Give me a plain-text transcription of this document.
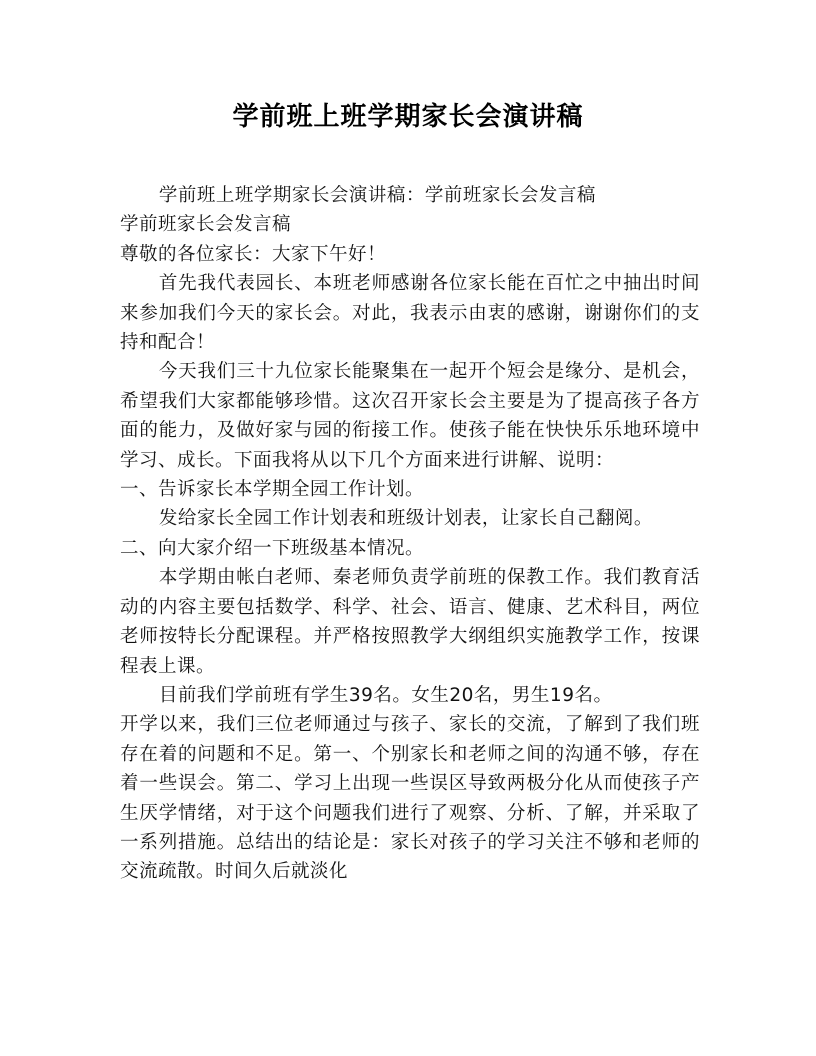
学前班上班学期家长会演讲稿

学前班上班学期家长会演讲稿：学前班家长会发言稿

学前班家长会发言稿

尊敬的各位家长：大家下午好！

首先我代表园长、本班老师感谢各位家长能在百忙之中抽出时间来参加我们今天的家长会。对此，我表示由衷的感谢，谢谢你们的支持和配合！

今天我们三十九位家长能聚集在一起开个短会是缘分、是机会，希望我们大家都能够珍惜。这次召开家长会主要是为了提高孩子各方面的能力，及做好家与园的衔接工作。使孩子能在快快乐乐地环境中学习、成长。下面我将从以下几个方面来进行讲解、说明：

一、告诉家长本学期全园工作计划。

发给家长全园工作计划表和班级计划表，让家长自己翻阅。

二、向大家介绍一下班级基本情况。

本学期由帐白老师、秦老师负责学前班的保教工作。我们教育活动的内容主要包括数学、科学、社会、语言、健康、艺术科目，两位老师按特长分配课程。并严格按照教学大纲组织实施教学工作，按课程表上课。

目前我们学前班有学生39名。女生20名，男生19名。

开学以来，我们三位老师通过与孩子、家长的交流，了解到了我们班存在着的问题和不足。第一、个别家长和老师之间的沟通不够，存在着一些误会。第二、学习上出现一些误区导致两极分化从而使孩子产生厌学情绪，对于这个问题我们进行了观察、分析、了解，并采取了一系列措施。总结出的结论是：家长对孩子的学习关注不够和老师的交流疏散。时间久后就淡化
